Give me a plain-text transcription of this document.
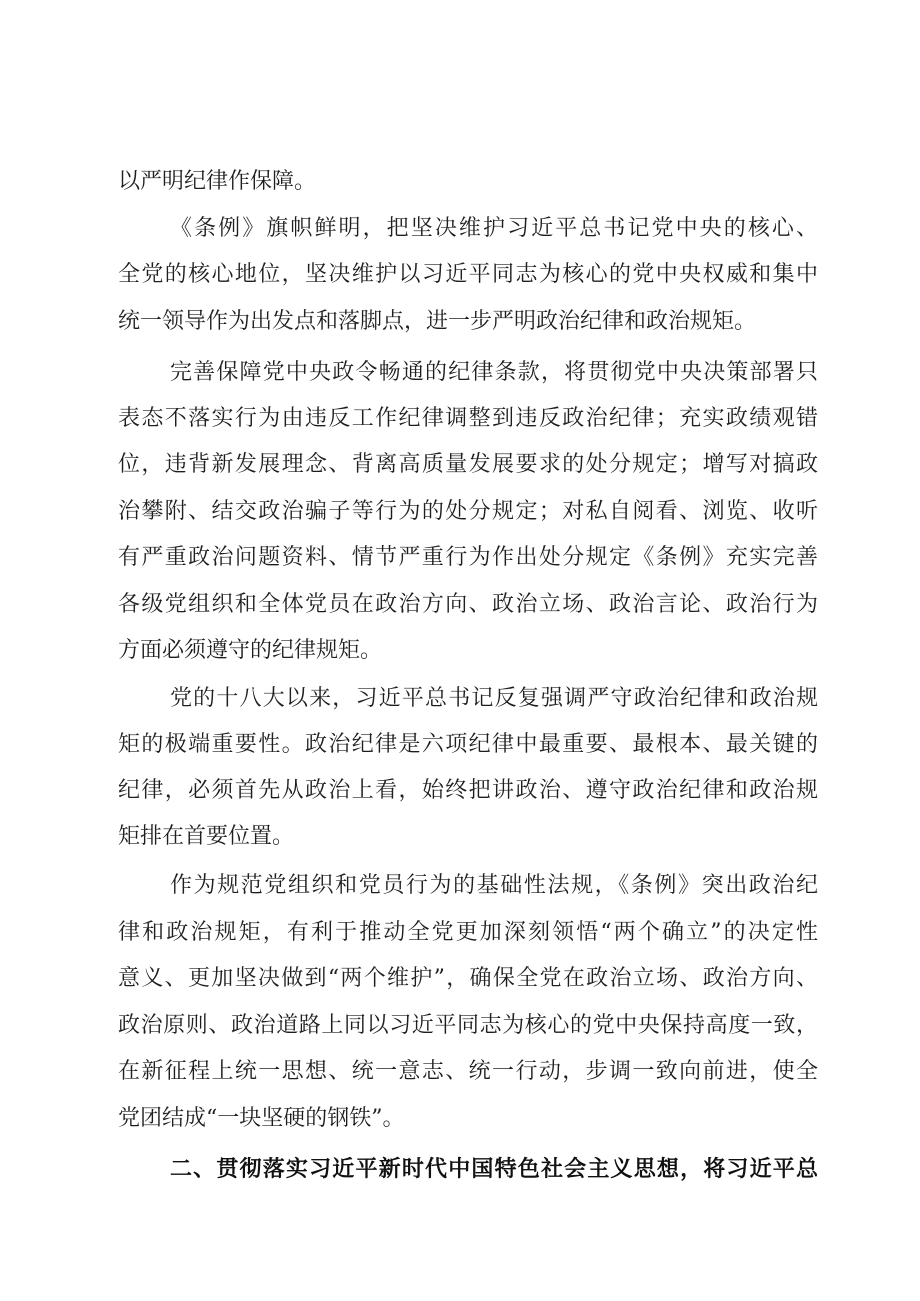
以严明纪律作保障。
《条例》旗帜鲜明，把坚决维护习近平总书记党中央的核心、
全党的核心地位，坚决维护以习近平同志为核心的党中央权威和集中
统一领导作为出发点和落脚点，进一步严明政治纪律和政治规矩。
完善保障党中央政令畅通的纪律条款，将贯彻党中央决策部署只
表态不落实行为由违反工作纪律调整到违反政治纪律；充实政绩观错
位，违背新发展理念、背离高质量发展要求的处分规定；增写对搞政
治攀附、结交政治骗子等行为的处分规定；对私自阅看、浏览、收听
有严重政治问题资料、情节严重行为作出处分规定《条例》充实完善
各级党组织和全体党员在政治方向、政治立场、政治言论、政治行为
方面必须遵守的纪律规矩。
党的十八大以来，习近平总书记反复强调严守政治纪律和政治规
矩的极端重要性。政治纪律是六项纪律中最重要、最根本、最关键的
纪律，必须首先从政治上看，始终把讲政治、遵守政治纪律和政治规
矩排在首要位置。
作为规范党组织和党员行为的基础性法规，《条例》突出政治纪
律和政治规矩，有利于推动全党更加深刻领悟“两个确立”的决定性
意义、更加坚决做到“两个维护”，确保全党在政治立场、政治方向、
政治原则、政治道路上同以习近平同志为核心的党中央保持高度一致，
在新征程上统一思想、统一意志、统一行动，步调一致向前进，使全
党团结成“一块坚硬的钢铁”。
二、贯彻落实习近平新时代中国特色社会主义思想，将习近平总
